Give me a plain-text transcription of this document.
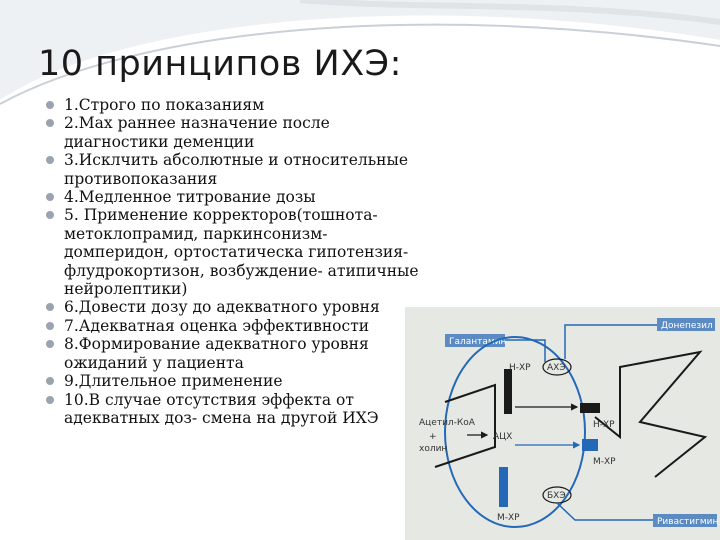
10 принципов ИХЭ:
1.Строго по показаниям
2.Max раннее назначение после
диагностики деменции
3.Исклчить абсолютные и относительные
противопоказания
4.Медленное титрование дозы
5. Применение корректоров(тошнота-
метоклопрамид, паркинсонизм-
домперидон, ортостатическа гипотензия-
флудрокортизон, возбуждение- атипичные
нейролептики)
6.Довести дозу до адекватного уровня
7.Адекватная оценка эффективности
8.Формирование адекватного уровня
ожиданий у пациента
9.Длительное применение
10.В случае отсутствия эффекта от
адекватных доз- смена на другой ИХЭ
Галантамин
Донепезил
Ривастигмин
Н-ХР АХЭ
Ацетил-КоА
+
холин
АЦХ
Н-ХР
М-ХР
М-ХР
БХЭ
